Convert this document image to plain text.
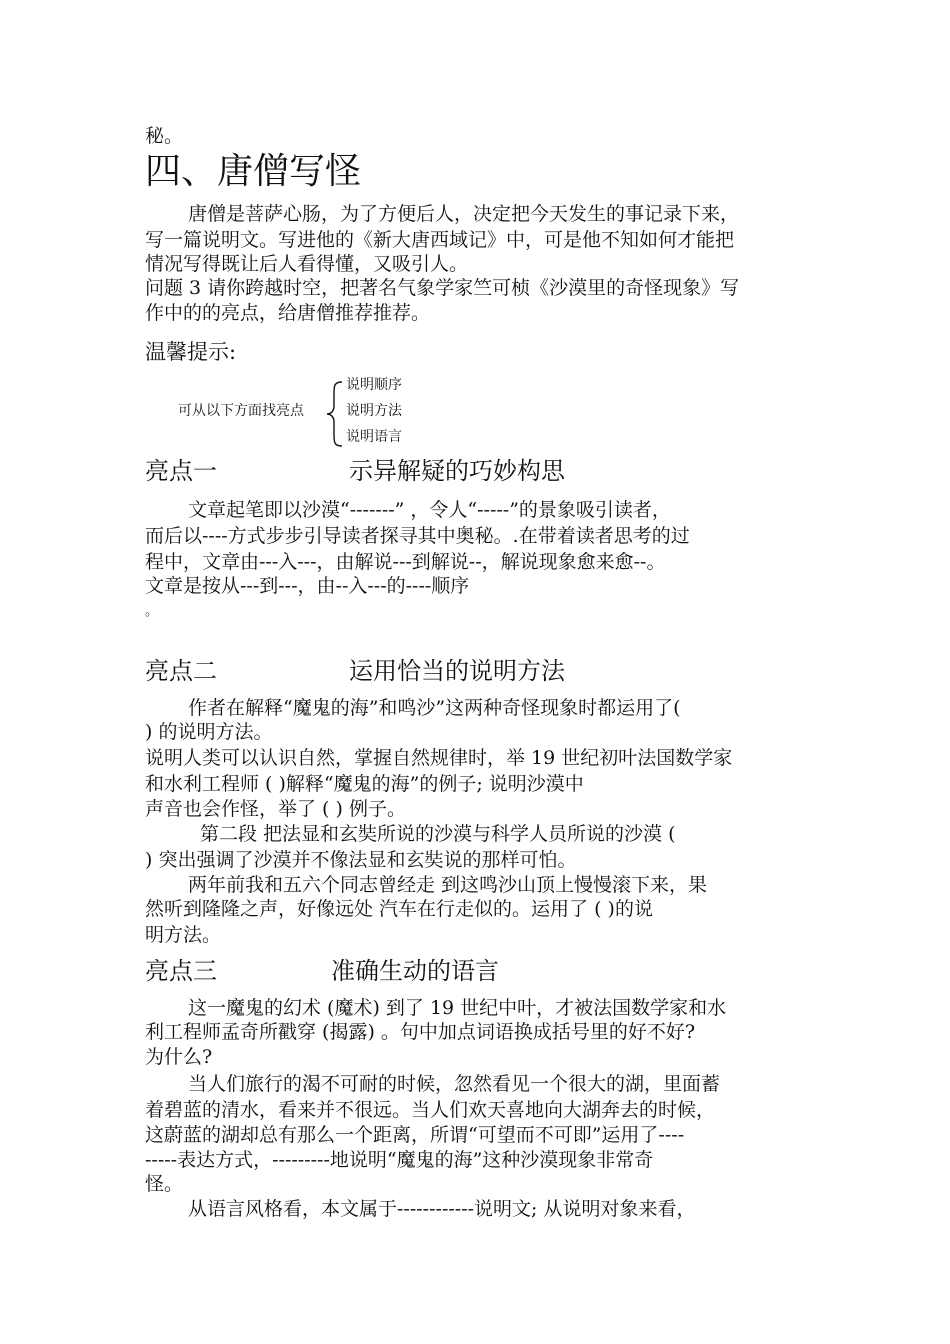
秘。
四、唐僧写怪
唐僧是菩萨心肠，为了方便后人，决定把今天发生的事记录下来，
写一篇说明文。写进他的《新大唐西域记》中，可是他不知如何才能把
情况写得既让后人看得懂，又吸引人。
问题 3 请你跨越时空，把著名气象学家竺可桢《沙漠里的奇怪现象》写
作中的的亮点，给唐僧推荐推荐。
温馨提示:
可从以下方面找亮点
说明顺序
说明方法
说明语言
亮点一	示异解疑的巧妙构思
文章起笔即以沙漠“-------” ，令人“-----”的景象吸引读者，
而后以----方式步步引导读者探寻其中奥秘。.在带着读者思考的过
程中，文章由---入---，由解说---到解说--，解说现象愈来愈--。
文章是按从---到---，由--入---的----顺序
。
亮点二	运用恰当的说明方法
作者在解释“魔鬼的海”和鸣沙”这两种奇怪现象时都运用了(
) 的说明方法。
说明人类可以认识自然，掌握自然规律时，举 19 世纪初叶法国数学家
和水利工程师 ( )解释“魔鬼的海”的例子; 说明沙漠中
声音也会作怪，举了 ( ) 例子。
第二段 把法显和玄奘所说的沙漠与科学人员所说的沙漠 (
) 突出强调了沙漠并不像法显和玄奘说的那样可怕。
两年前我和五六个同志曾经走 到这鸣沙山顶上慢慢滚下来，果
然听到隆隆之声，好像远处 汽车在行走似的。运用了 ( )的说
明方法。
亮点三	准确生动的语言
这一魔鬼的幻术 (魔术) 到了 19 世纪中叶，才被法国数学家和水
利工程师孟奇所戳穿 (揭露) 。句中加点词语换成括号里的好不好?
为什么?
当人们旅行的渴不可耐的时候，忽然看见一个很大的湖，里面蓄
着碧蓝的清水，看来并不很远。当人们欢天喜地向大湖奔去的时候，
这蔚蓝的湖却总有那么一个距离，所谓“可望而不可即”运用了----
-----表达方式，---------地说明“魔鬼的海”这种沙漠现象非常奇
怪。
从语言风格看，本文属于------------说明文; 从说明对象来看，
